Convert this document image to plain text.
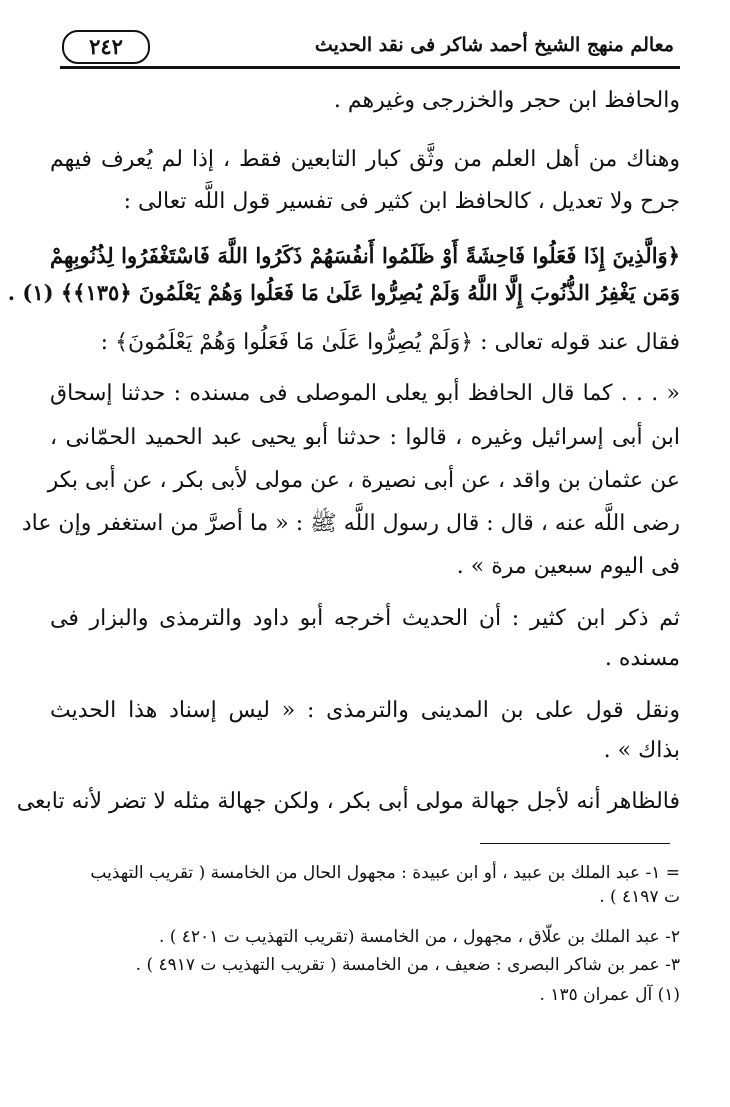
٢٤٢	معالم منهج الشيخ أحمد شاكر فى نقد الحديث
والحافظ ابن حجر والخزرجى وغيرهم .
وهناك من أهل العلم من وثَّق كبار التابعين فقط ، إذا لم يُعرف فيهم
جرح ولا تعديل ، كالحافظ ابن كثير فى تفسير قول اللَّه تعالى :
﴿وَالَّذِينَ إِذَا فَعَلُوا فَاحِشَةً أَوْ ظَلَمُوا أَنفُسَهُمْ ذَكَرُوا اللَّهَ فَاسْتَغْفَرُوا لِذُنُوبِهِمْ
وَمَن يَغْفِرُ الذُّنُوبَ إِلَّا اللَّهُ وَلَمْ يُصِرُّوا عَلَىٰ مَا فَعَلُوا وَهُمْ يَعْلَمُونَ ﴿١٣٥﴾﴾ (١) .
فقال عند قوله تعالى : ﴿وَلَمْ يُصِرُّوا عَلَىٰ مَا فَعَلُوا وَهُمْ يَعْلَمُونَ﴾ :
« . . . كما قال الحافظ أبو يعلى الموصلى فى مسنده : حدثنا إسحاق
ابن أبى إسرائيل وغيره ، قالوا : حدثنا أبو يحيى عبد الحميد الحمّانى ،
عن عثمان بن واقد ، عن أبى نصيرة ، عن مولى لأبى بكر ، عن أبى بكر
رضى اللَّه عنه ، قال : قال رسول اللَّه ﷺ : « ما أصرَّ من استغفر وإن عاد
فى اليوم سبعين مرة » .
ثم ذكر ابن كثير : أن الحديث أخرجه أبو داود والترمذى والبزار فى
مسنده .
ونقل قول على بن المدينى والترمذى : « ليس إسناد هذا الحديث
بذاك » .
فالظاهر أنه لأجل جهالة مولى أبى بكر ، ولكن جهالة مثله لا تضر لأنه تابعى
= ١- عبد الملك بن عبيد ، أو ابن عبيدة : مجهول الحال من الخامسة ( تقريب التهذيب
ت ٤١٩٧ ) .
٢- عبد الملك بن علّاق ، مجهول ، من الخامسة (تقريب التهذيب ت ٤٢٠١ ) .
٣- عمر بن شاكر البصرى : ضعيف ، من الخامسة ( تقريب التهذيب ت ٤٩١٧ ) .
(١) آل عمران ١٣٥ .
